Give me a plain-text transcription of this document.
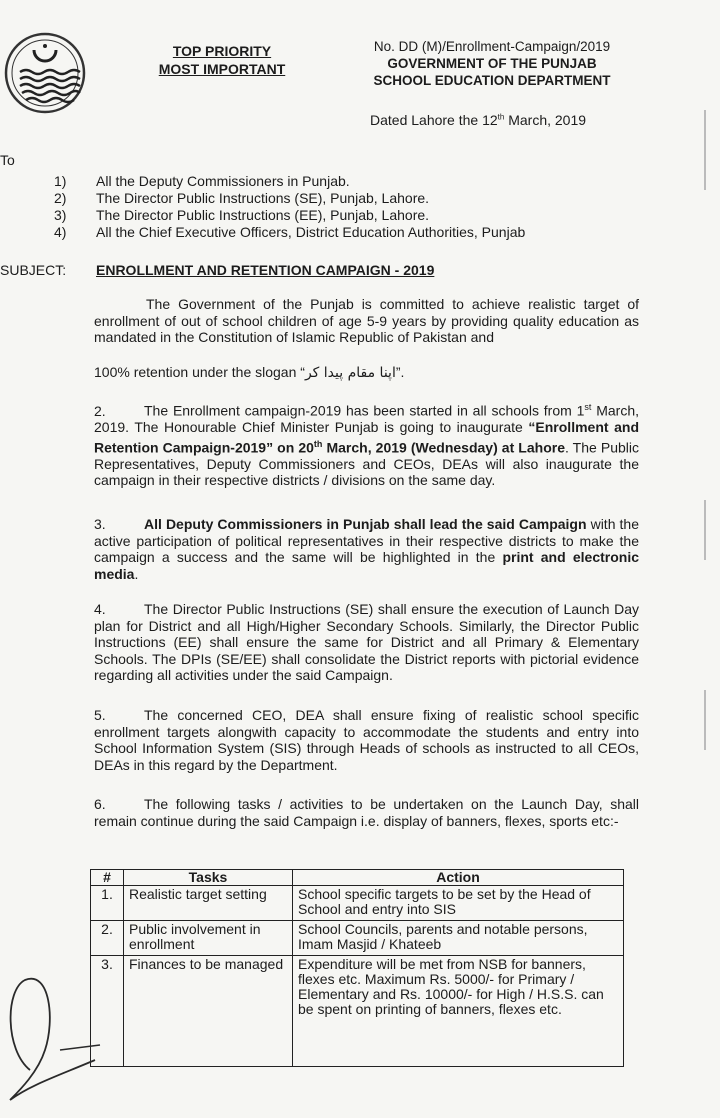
TOP PRIORITY
MOST IMPORTANT
No. DD (M)/Enrollment-Campaign/2019
GOVERNMENT OF THE PUNJAB
SCHOOL EDUCATION DEPARTMENT
Dated Lahore the 12th March, 2019
To
1)	All the Deputy Commissioners in Punjab.
2)	The Director Public Instructions (SE), Punjab, Lahore.
3)	The Director Public Instructions (EE), Punjab, Lahore.
4)	All the Chief Executive Officers, District Education Authorities, Punjab
SUBJECT: ENROLLMENT AND RETENTION CAMPAIGN - 2019
The Government of the Punjab is committed to achieve realistic target of enrollment of out of school children of age 5-9 years by providing quality education as mandated in the Constitution of Islamic Republic of Pakistan and
100% retention under the slogan “اپنا مقام پیدا کر”.
2.	The Enrollment campaign-2019 has been started in all schools from 1st March, 2019. The Honourable Chief Minister Punjab is going to inaugurate “Enrollment and Retention Campaign-2019” on 20th March, 2019 (Wednesday) at Lahore. The Public Representatives, Deputy Commissioners and CEOs, DEAs will also inaugurate the campaign in their respective districts / divisions on the same day.
3.	All Deputy Commissioners in Punjab shall lead the said Campaign with the active participation of political representatives in their respective districts to make the campaign a success and the same will be highlighted in the print and electronic media.
4.	The Director Public Instructions (SE) shall ensure the execution of Launch Day plan for District and all High/Higher Secondary Schools. Similarly, the Director Public Instructions (EE) shall ensure the same for District and all Primary & Elementary Schools. The DPIs (SE/EE) shall consolidate the District reports with pictorial evidence regarding all activities under the said Campaign.
5.	The concerned CEO, DEA shall ensure fixing of realistic school specific enrollment targets alongwith capacity to accommodate the students and entry into School Information System (SIS) through Heads of schools as instructed to all CEOs, DEAs in this regard by the Department.
6.	The following tasks / activities to be undertaken on the Launch Day, shall remain continue during the said Campaign i.e. display of banners, flexes, sports etc:-
#	Tasks	Action
1.	Realistic target setting	School specific targets to be set by the Head of School and entry into SIS
2.	Public involvement in enrollment	School Councils, parents and notable persons, Imam Masjid / Khateeb
3.	Finances to be managed	Expenditure will be met from NSB for banners, flexes etc. Maximum Rs. 5000/- for Primary / Elementary and Rs. 10000/- for High / H.S.S. can be spent on printing of banners, flexes etc.
